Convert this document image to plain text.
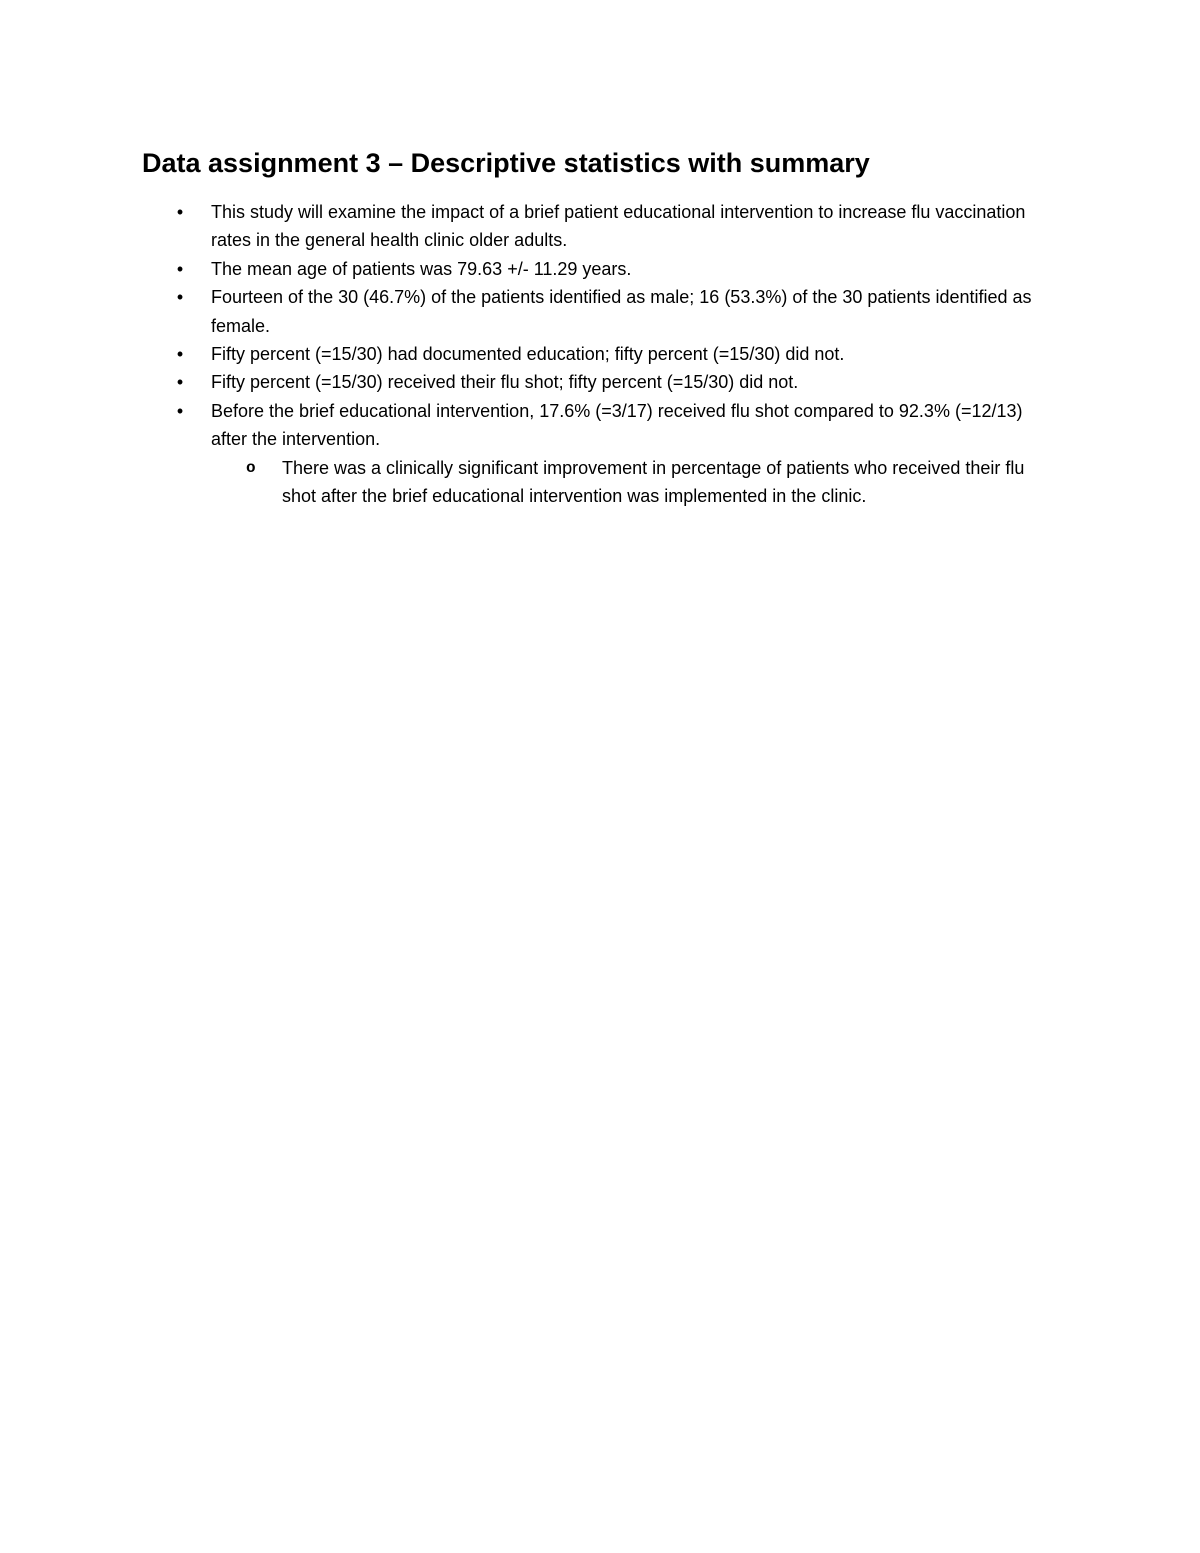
Data assignment 3 – Descriptive statistics with summary
• This study will examine the impact of a brief patient educational intervention to increase flu vaccination rates in the general health clinic older adults.
• The mean age of patients was 79.63 +/- 11.29 years.
• Fourteen of the 30 (46.7%) of the patients identified as male; 16 (53.3%) of the 30 patients identified as female.
• Fifty percent (=15/30) had documented education; fifty percent (=15/30) did not.
• Fifty percent (=15/30) received their flu shot; fifty percent (=15/30) did not.
• Before the brief educational intervention, 17.6% (=3/17) received flu shot compared to 92.3% (=12/13) after the intervention.
o There was a clinically significant improvement in percentage of patients who received their flu shot after the brief educational intervention was implemented in the clinic.
